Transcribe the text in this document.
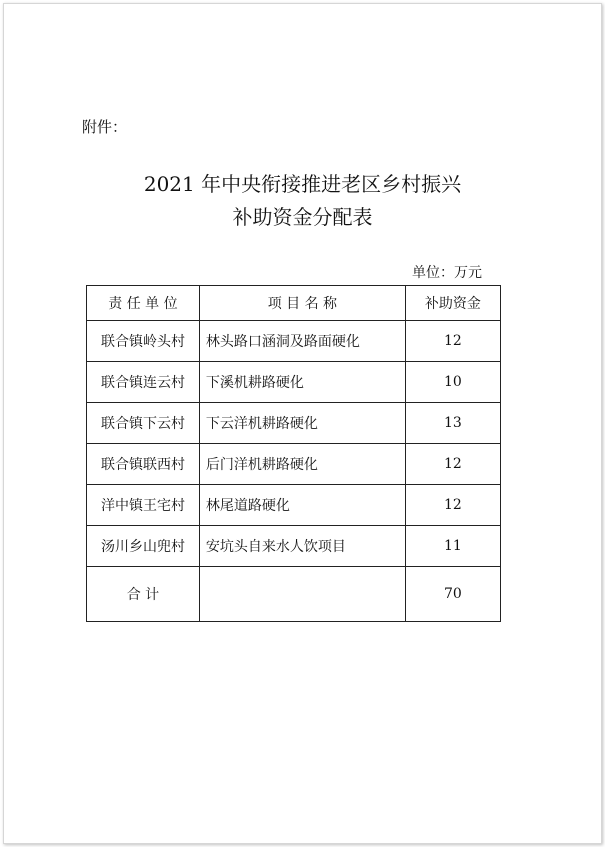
附件：
2021 年中央衔接推进老区乡村振兴
补助资金分配表
单位：万元
责 任 单 位	项 目 名 称	补助资金
联合镇岭头村	林头路口涵洞及路面硬化	12
联合镇连云村	下溪机耕路硬化	10
联合镇下云村	下云洋机耕路硬化	13
联合镇联西村	后门洋机耕路硬化	12
洋中镇王宅村	林尾道路硬化	12
汤川乡山兜村	安坑头自来水人饮项目	11
合 计		70
